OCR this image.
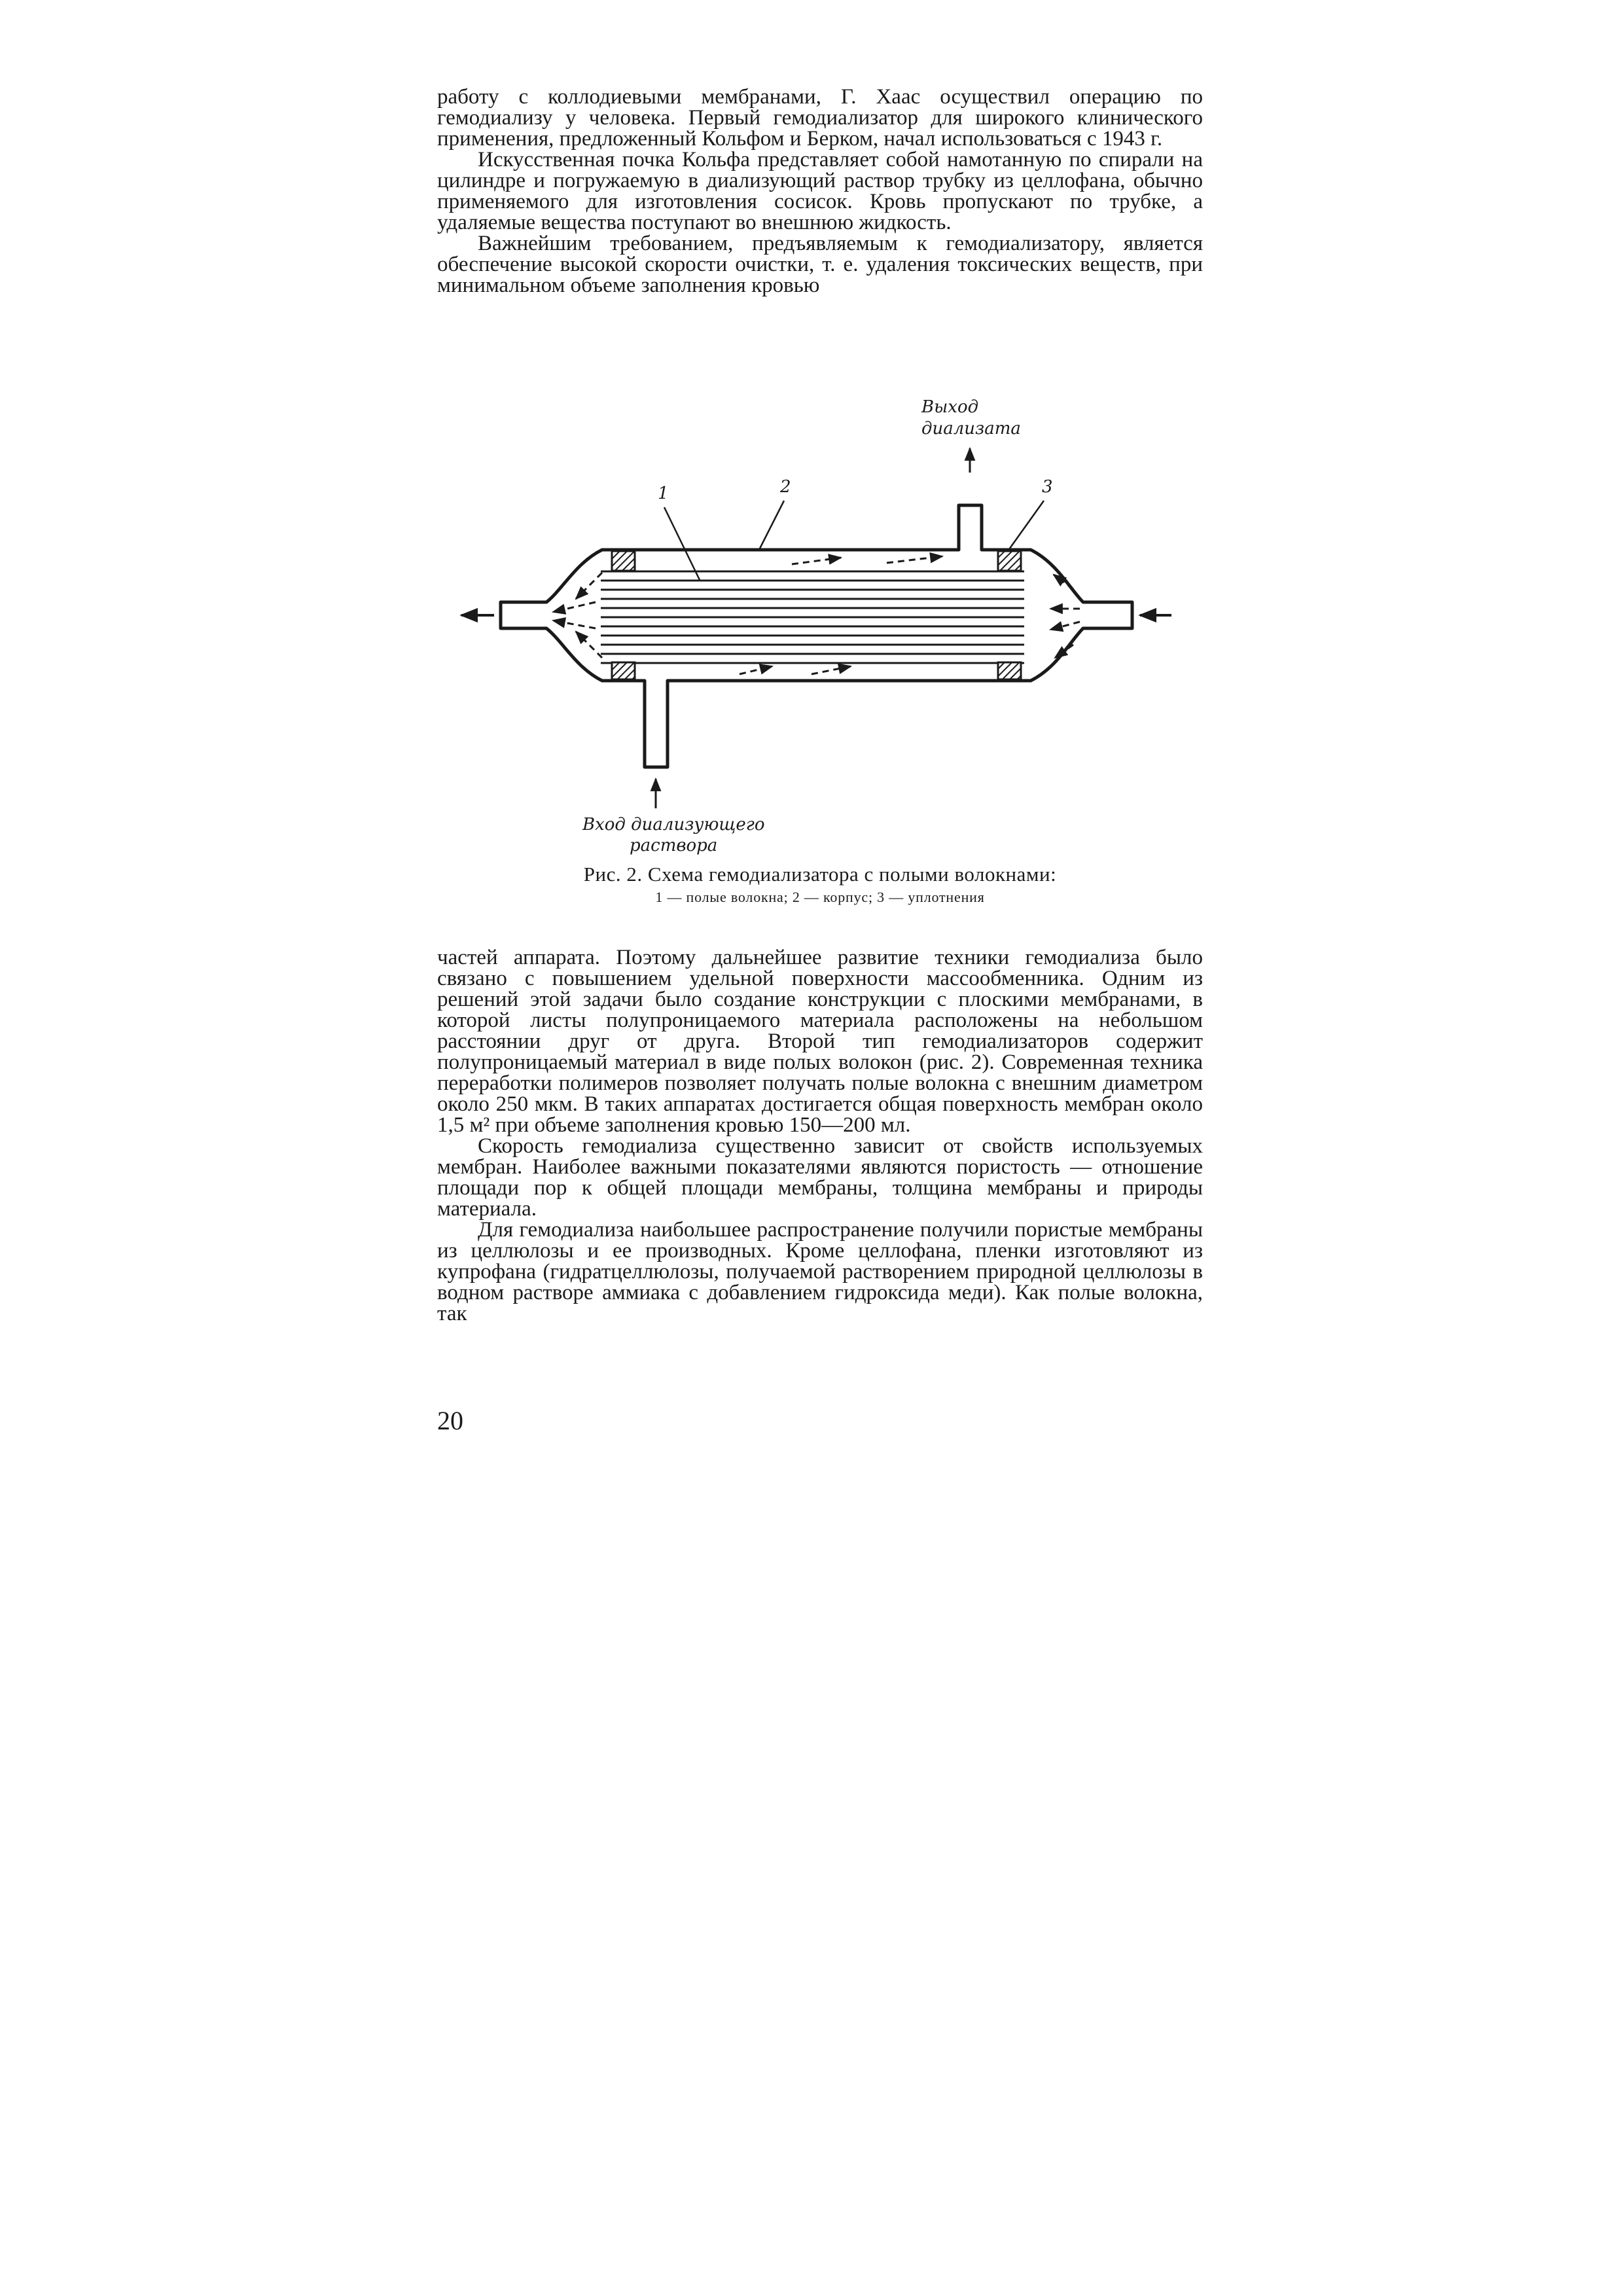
работу с коллодиевыми мембранами, Г. Хаас осуществил операцию по гемодиализу у человека. Первый гемодиализатор для широкого клинического применения, предложенный Кольфом и Берком, начал использоваться с 1943 г.

Искусственная почка Кольфа представляет собой намотанную по спирали на цилиндре и погружаемую в диализующий раствор трубку из целлофана, обычно применяемого для изготовления сосисок. Кровь пропускают по трубке, а удаляемые вещества поступают во внешнюю жидкость.

Важнейшим требованием, предъявляемым к гемодиализатору, является обеспечение высокой скорости очистки, т. е. удаления токсических веществ, при минимальном объеме заполнения кровью

1	2	3
Выход
диализата
Вход диализующего
раствора
Рис. 2. Схема гемодиализатора с полыми волокнами:
1 — полые волокна; 2 — корпус; 3 — уплотнения

частей аппарата. Поэтому дальнейшее развитие техники гемодиализа было связано с повышением удельной поверхности массообменника. Одним из решений этой задачи было создание конструкции с плоскими мембранами, в которой листы полупроницаемого материала расположены на небольшом расстоянии друг от друга. Второй тип гемодиализаторов содержит полупроницаемый материал в виде полых волокон (рис. 2). Современная техника переработки полимеров позволяет получать полые волокна с внешним диаметром около 250 мкм. В таких аппаратах достигается общая поверхность мембран около 1,5 м² при объеме заполнения кровью 150—200 мл.

Скорость гемодиализа существенно зависит от свойств используемых мембран. Наиболее важными показателями являются пористость — отношение площади пор к общей площади мембраны, толщина мембраны и природы материала.

Для гемодиализа наибольшее распространение получили пористые мембраны из целлюлозы и ее производных. Кроме целлофана, пленки изготовляют из купрофана (гидратцеллюлозы, получаемой растворением природной целлюлозы в водном растворе аммиака с добавлением гидроксида меди). Как полые волокна, так

20
